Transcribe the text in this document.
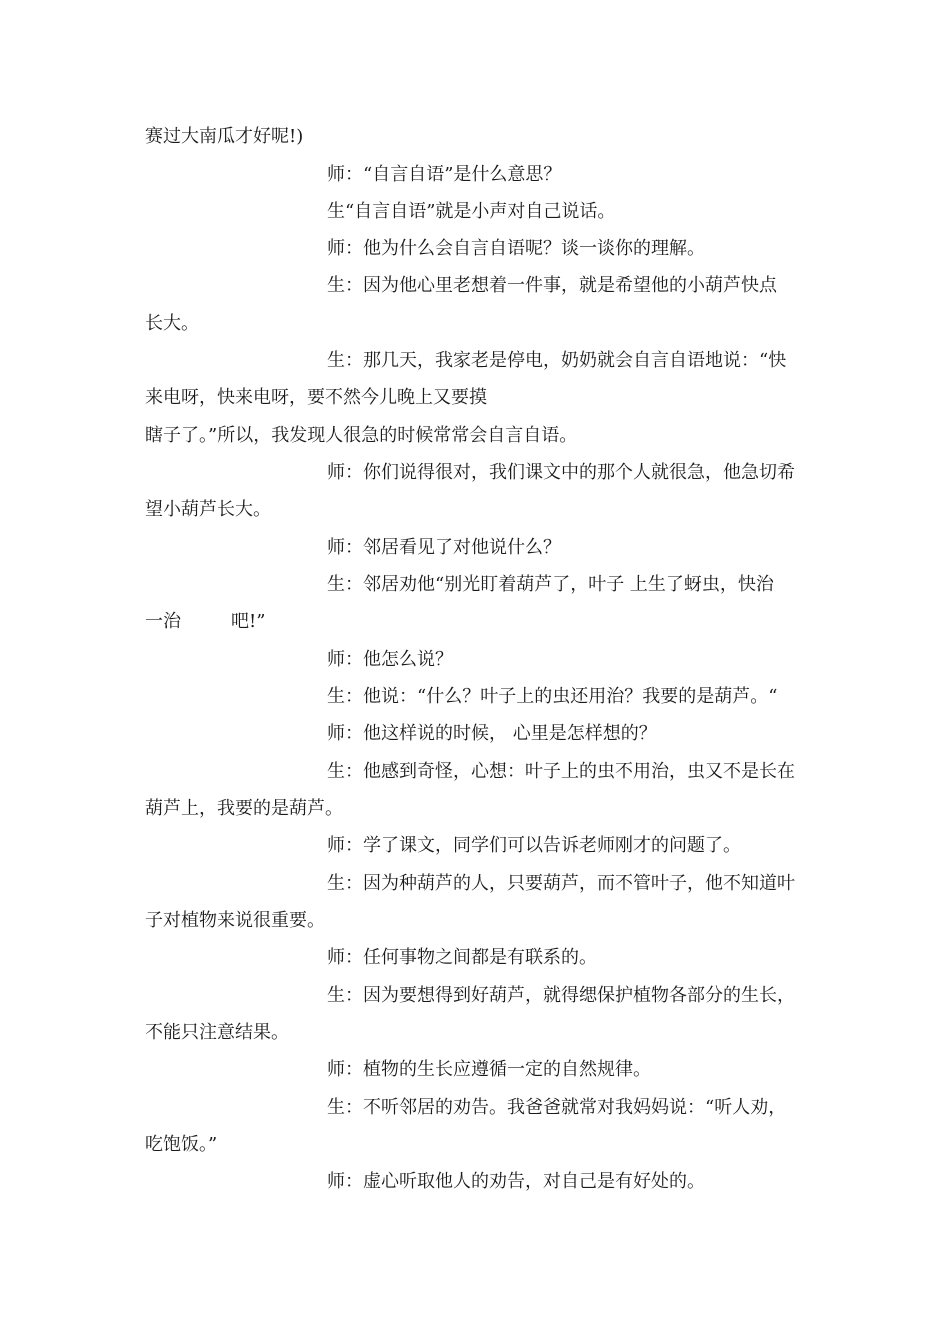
赛过大南瓜才好呢!)
师：“自言自语”是什么意思？
生“自言自语”就是小声对自己说话。
师：他为什么会自言自语呢？谈一谈你的理解。
生：因为他心里老想着一件事，就是希望他的小葫芦快点
长大。
生：那几天，我家老是停电，奶奶就会自言自语地说：“快
来电呀，快来电呀，要不然今儿晚上又要摸
瞎子了。”所以，我发现人很急的时候常常会自言自语。
师：你们说得很对，我们课文中的那个人就很急，他急切希
望小葫芦长大。
师：邻居看见了对他说什么？
生：邻居劝他“别光盯着葫芦了，叶子 上生了蚜虫，快治
一治	吧!”
师：他怎么说？
生：他说：“什么？叶子上的虫还用治？我要的是葫芦。“
师：他这样说的时候， 心里是怎样想的？
生：他感到奇怪，心想：叶子上的虫不用治，虫又不是长在
葫芦上，我要的是葫芦。
师：学了课文，同学们可以告诉老师刚才的问题了。
生：因为种葫芦的人，只要葫芦，而不管叶子，他不知道叶
子对植物来说很重要。
师：任何事物之间都是有联系的。
生：因为要想得到好葫芦，就得缌保护植物各部分的生长，
不能只注意结果。
师：植物的生长应遵循一定的自然规律。
生：不听邻居的劝告。我爸爸就常对我妈妈说：“听人劝，
吃饱饭。”
师：虚心听取他人的劝告，对自己是有好处的。
